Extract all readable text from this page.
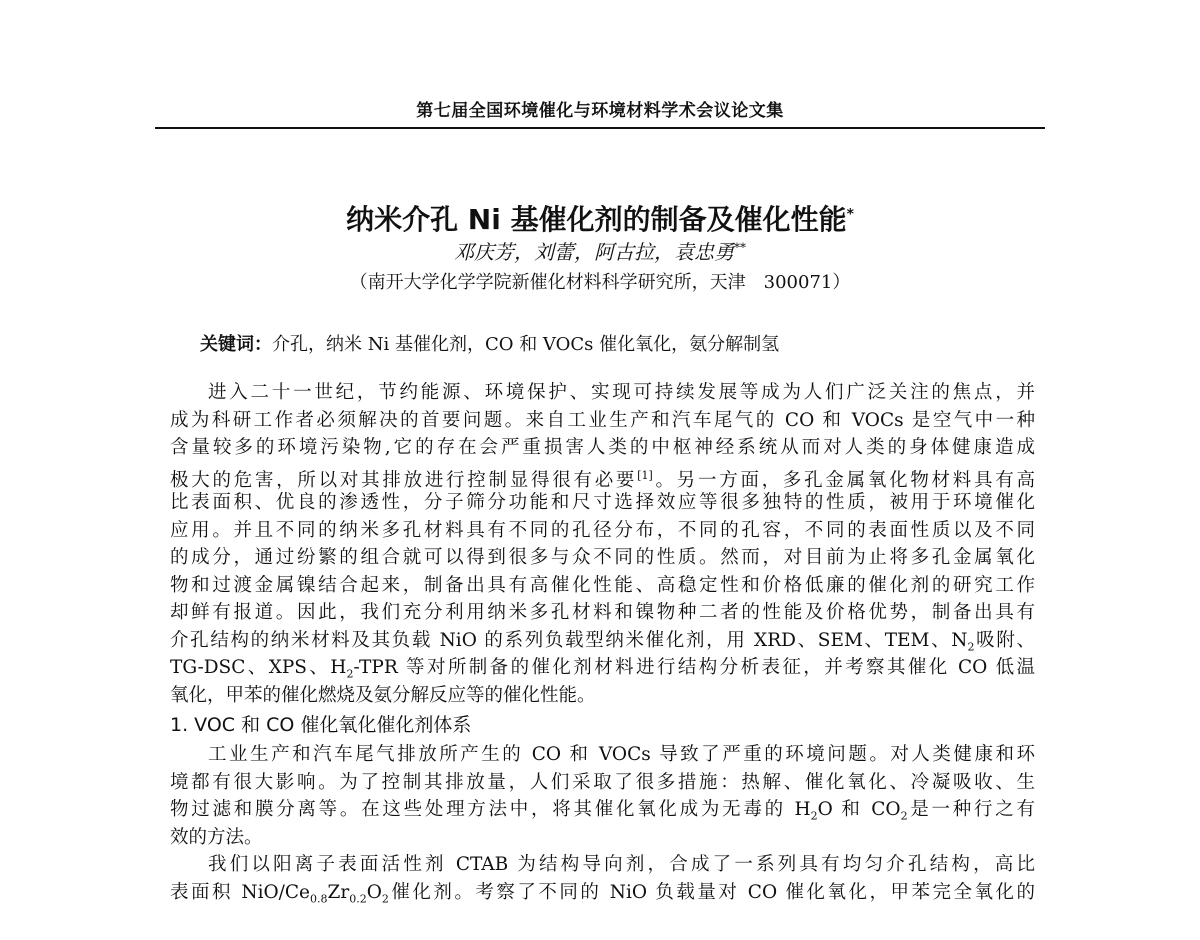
第七届全国环境催化与环境材料学术会议论文集
纳米介孔 Ni 基催化剂的制备及催化性能*
邓庆芳，刘蕾，阿古拉，袁忠勇**
（南开大学化学学院新催化材料科学研究所，天津　300071）
关键词：介孔，纳米 Ni 基催化剂，CO 和 VOCs 催化氧化，氨分解制氢
进入二十一世纪，节约能源、环境保护、实现可持续发展等成为人们广泛关注的焦点，并
成为科研工作者必须解决的首要问题。来自工业生产和汽车尾气的 CO 和 VOCs 是空气中一种
含量较多的环境污染物,它的存在会严重损害人类的中枢神经系统从而对人类的身体健康造成
极大的危害，所以对其排放进行控制显得很有必要[1]。另一方面，多孔金属氧化物材料具有高
比表面积、优良的渗透性，分子筛分功能和尺寸选择效应等很多独特的性质，被用于环境催化
应用。并且不同的纳米多孔材料具有不同的孔径分布，不同的孔容，不同的表面性质以及不同
的成分，通过纷繁的组合就可以得到很多与众不同的性质。然而，对目前为止将多孔金属氧化
物和过渡金属镍结合起来，制备出具有高催化性能、高稳定性和价格低廉的催化剂的研究工作
却鲜有报道。因此，我们充分利用纳米多孔材料和镍物种二者的性能及价格优势，制备出具有
介孔结构的纳米材料及其负载 NiO 的系列负载型纳米催化剂，用 XRD、SEM、TEM、$N_2$吸附、
TG-DSC、XPS、$H_2$-TPR 等对所制备的催化剂材料进行结构分析表征，并考察其催化 CO 低温
氧化，甲苯的催化燃烧及氨分解反应等的催化性能。
1. VOC 和 CO 催化氧化催化剂体系
工业生产和汽车尾气排放所产生的 CO 和 VOCs 导致了严重的环境问题。对人类健康和环
境都有很大影响。为了控制其排放量，人们采取了很多措施：热解、催化氧化、冷凝吸收、生
物过滤和膜分离等。在这些处理方法中，将其催化氧化成为无毒的 $H_2O$ 和 $CO_2$是一种行之有
效的方法。
我们以阳离子表面活性剂 CTAB 为结构导向剂，合成了一系列具有均匀介孔结构，高比
表面积 NiO/$Ce_{0.8}Zr_{0.2}O_2$催化剂。考察了不同的 NiO 负载量对 CO 催化氧化，甲苯完全氧化的
